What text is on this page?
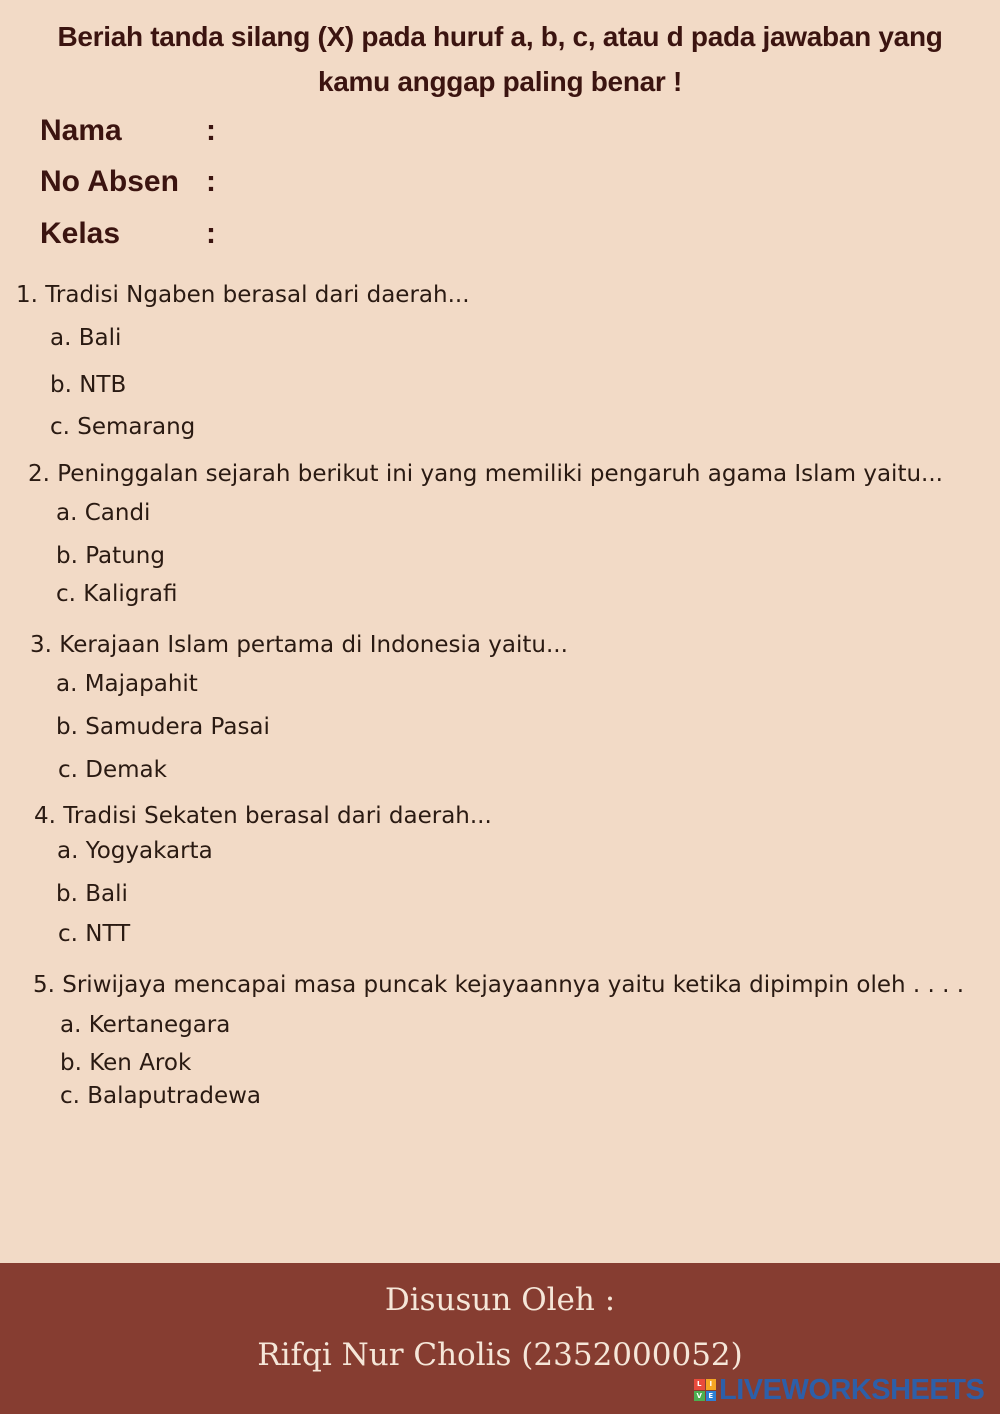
Beriah tanda silang (X) pada huruf a, b, c, atau d pada jawaban yang
kamu anggap paling benar !
Nama	:
No Absen :
Kelas	:
1. Tradisi Ngaben berasal dari daerah...
a. Bali
b. NTB
c. Semarang
2. Peninggalan sejarah berikut ini yang memiliki pengaruh agama Islam yaitu...
a. Candi
b. Patung
c. Kaligrafi
3. Kerajaan Islam pertama di Indonesia yaitu...
a. Majapahit
b. Samudera Pasai
c. Demak
4. Tradisi Sekaten berasal dari daerah...
a. Yogyakarta
b. Bali
c. NTT
5. Sriwijaya mencapai masa puncak kejayaannya yaitu ketika dipimpin oleh . . . .
a. Kertanegara
b. Ken Arok
c. Balaputradewa
Disusun Oleh :
Rifqi Nur Cholis (2352000052)
L	I
V E LIVEWORKSHEETS
